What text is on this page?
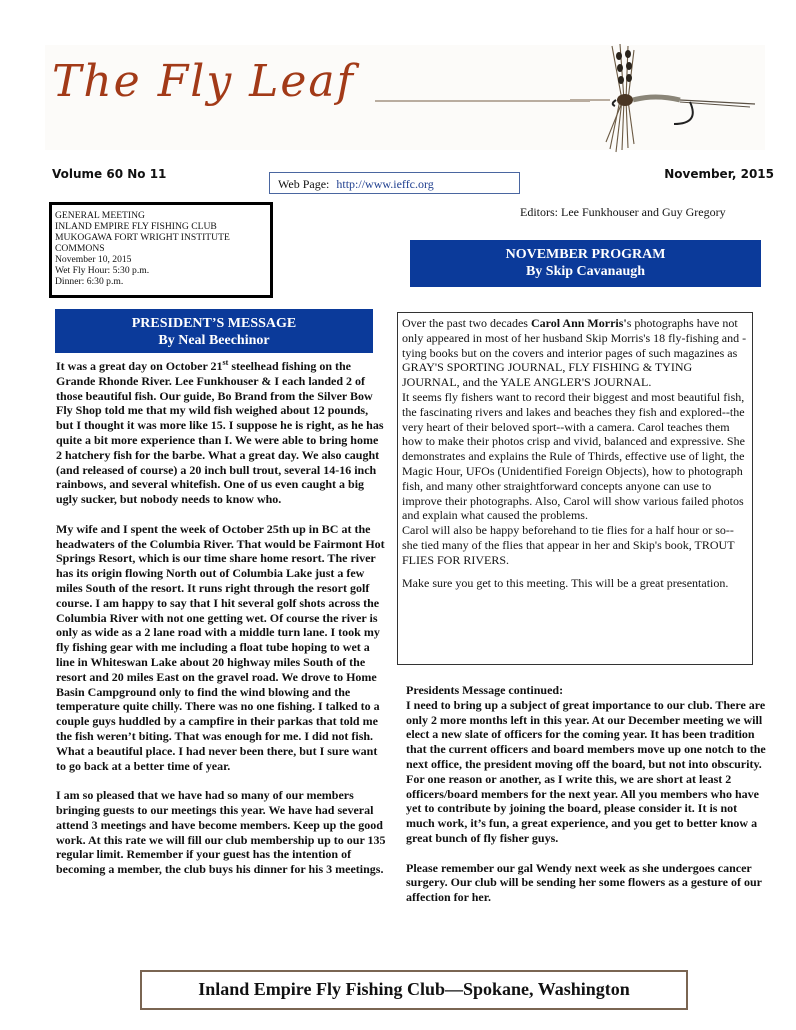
The Fly Leaf
Volume 60 No 11	November, 2015
Web Page: http://www.ieffc.org
Editors: Lee Funkhouser and Guy Gregory
GENERAL MEETING
INLAND EMPIRE FLY FISHING CLUB
MUKOGAWA FORT WRIGHT INSTITUTE
COMMONS
November 10, 2015
Wet Fly Hour: 5:30 p.m.
Dinner: 6:30 p.m.
NOVEMBER PROGRAM
By Skip Cavanaugh
PRESIDENT’S MESSAGE
By Neal Beechinor

It was a great day on October 21st steelhead fishing on the Grande Rhonde River. Lee Funkhouser & I each landed 2 of those beautiful fish. Our guide, Bo Brand from the Silver Bow Fly Shop told me that my wild fish weighed about 12 pounds, but I thought it was more like 15. I suppose he is right, as he has quite a bit more experience than I. We were able to bring home 2 hatchery fish for the barbe. What a great day. We also caught (and released of course) a 20 inch bull trout, several 14-16 inch rainbows, and several whitefish. One of us even caught a big ugly sucker, but nobody needs to know who.

My wife and I spent the week of October 25th up in BC at the headwaters of the Columbia River. That would be Fairmont Hot Springs Resort, which is our time share home resort. The river has its origin flowing North out of Columbia Lake just a few miles South of the resort. It runs right through the resort golf course. I am happy to say that I hit several golf shots across the Columbia River with not one getting wet. Of course the river is only as wide as a 2 lane road with a middle turn lane. I took my fly fishing gear with me including a float tube hoping to wet a line in Whiteswan Lake about 20 highway miles South of the resort and 20 miles East on the gravel road. We drove to Home Basin Campground only to find the wind blowing and the temperature quite chilly. There was no one fishing. I talked to a couple guys huddled by a campfire in their parkas that told me the fish weren’t biting. That was enough for me. I did not fish. What a beautiful place. I had never been there, but I sure want to go back at a better time of year.

I am so pleased that we have had so many of our members bringing guests to our meetings this year. We have had several attend 3 meetings and have become members. Keep up the good work. At this rate we will fill our club membership up to our 135 regular limit. Remember if your guest has the intention of becoming a member, the club buys his dinner for his 3 meetings.

Over the past two decades Carol Ann Morris's photographs have not only appeared in most of her husband Skip Morris's 18 fly-fishing and -tying books but on the covers and interior pages of such magazines as GRAY'S SPORTING JOURNAL, FLY FISHING & TYING JOURNAL, and the YALE ANGLER'S JOURNAL.

It seems fly fishers want to record their biggest and most beautiful fish, the fascinating rivers and lakes and beaches they fish and explored--the very heart of their beloved sport--with a camera. Carol teaches them how to make their photos crisp and vivid, balanced and expressive. She demonstrates and explains the Rule of Thirds, effective use of light, the Magic Hour, UFOs (Unidentified Foreign Objects), how to photograph fish, and many other straightforward concepts anyone can use to improve their photographs. Also, Carol will show various failed photos and explain what caused the problems.

Carol will also be happy beforehand to tie flies for a half hour or so--she tied many of the flies that appear in her and Skip's book, TROUT FLIES FOR RIVERS.

Make sure you get to this meeting. This will be a great presentation.

Presidents Message continued:

I need to bring up a subject of great importance to our club. There are only 2 more months left in this year. At our December meeting we will elect a new slate of officers for the coming year. It has been tradition that the current officers and board members move up one notch to the next office, the president moving off the board, but not into obscurity. For one reason or another, as I write this, we are short at least 2 officers/board members for the next year. All you members who have yet to contribute by joining the board, please consider it. It is not much work, it’s fun, a great experience, and you get to better know a great bunch of fly fisher guys.

Please remember our gal Wendy next week as she undergoes cancer surgery. Our club will be sending her some flowers as a gesture of our affection for her.

Inland Empire Fly Fishing Club—Spokane, Washington
